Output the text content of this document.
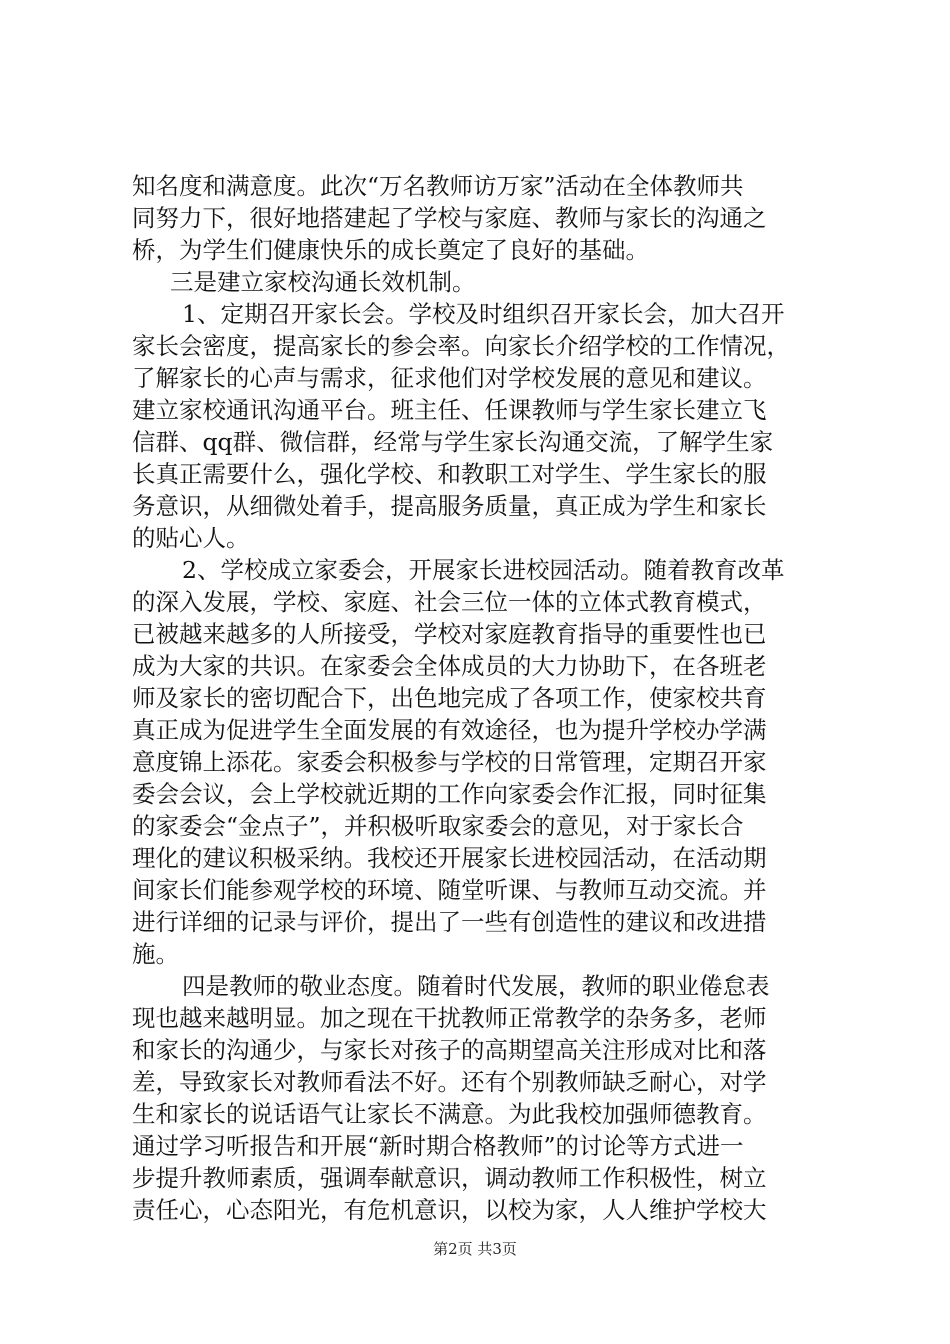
知名度和满意度。此次“万名教师访万家”活动在全体教师共
同努力下，很好地搭建起了学校与家庭、教师与家长的沟通之
桥，为学生们健康快乐的成长奠定了良好的基础。
三是建立家校沟通长效机制。
1、定期召开家长会。学校及时组织召开家长会，加大召开
家长会密度，提高家长的参会率。向家长介绍学校的工作情况，
了解家长的心声与需求，征求他们对学校发展的意见和建议。
建立家校通讯沟通平台。班主任、任课教师与学生家长建立飞
信群、qq群、微信群，经常与学生家长沟通交流，了解学生家
长真正需要什么，强化学校、和教职工对学生、学生家长的服
务意识，从细微处着手，提高服务质量，真正成为学生和家长
的贴心人。
2、学校成立家委会，开展家长进校园活动。随着教育改革
的深入发展，学校、家庭、社会三位一体的立体式教育模式，
已被越来越多的人所接受，学校对家庭教育指导的重要性也已
成为大家的共识。在家委会全体成员的大力协助下，在各班老
师及家长的密切配合下，出色地完成了各项工作，使家校共育
真正成为促进学生全面发展的有效途径，也为提升学校办学满
意度锦上添花。家委会积极参与学校的日常管理，定期召开家
委会会议，会上学校就近期的工作向家委会作汇报，同时征集
的家委会“金点子”，并积极听取家委会的意见，对于家长合
理化的建议积极采纳。我校还开展家长进校园活动，在活动期
间家长们能参观学校的环境、随堂听课、与教师互动交流。并
进行详细的记录与评价，提出了一些有创造性的建议和改进措
施。
四是教师的敬业态度。随着时代发展，教师的职业倦怠表
现也越来越明显。加之现在干扰教师正常教学的杂务多，老师
和家长的沟通少，与家长对孩子的高期望高关注形成对比和落
差，导致家长对教师看法不好。还有个别教师缺乏耐心，对学
生和家长的说话语气让家长不满意。为此我校加强师德教育。
通过学习听报告和开展“新时期合格教师”的讨论等方式进一
步提升教师素质，强调奉献意识，调动教师工作积极性，树立
责任心，心态阳光，有危机意识，以校为家，人人维护学校大
第2页 共3页
